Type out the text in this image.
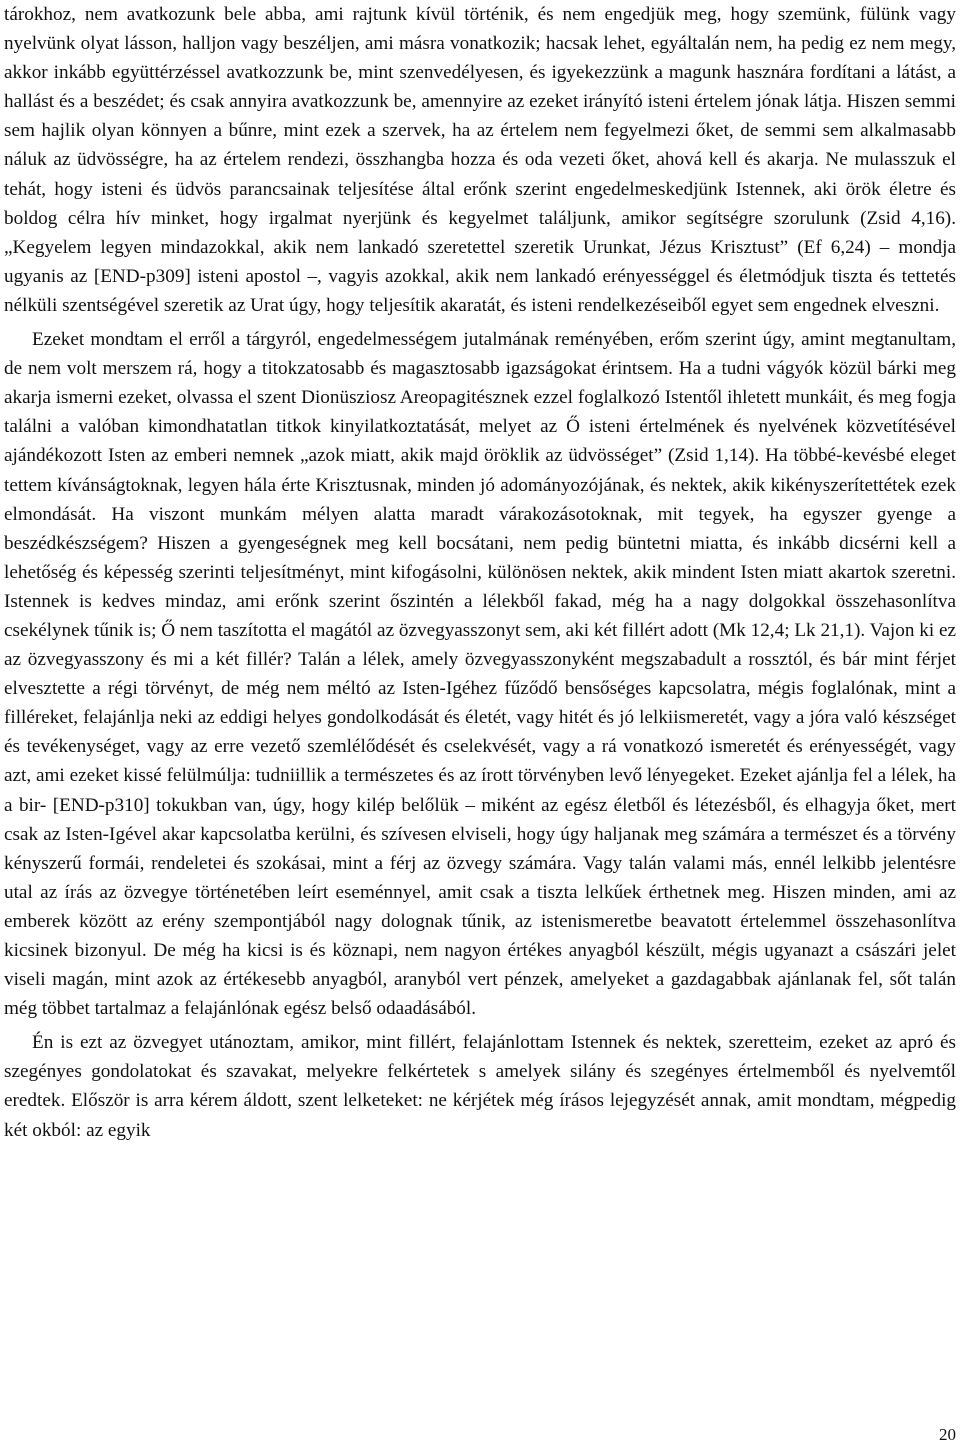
tárokhoz, nem avatkozunk bele abba, ami rajtunk kívül történik, és nem engedjük meg, hogy szemünk, fülünk vagy nyelvünk olyat lásson, halljon vagy beszéljen, ami másra vonatkozik; hacsak lehet, egyáltalán nem, ha pedig ez nem megy, akkor inkább együttérzéssel avatkozzunk be, mint szenvedélyesen, és igyekezzünk a magunk hasznára fordítani a látást, a hallást és a beszédet; és csak annyira avatkozzunk be, amennyire az ezeket irányító isteni értelem jónak látja. Hiszen semmi sem hajlik olyan könnyen a bűnre, mint ezek a szervek, ha az értelem nem fegyelmezi őket, de semmi sem alkalmasabb náluk az üdvösségre, ha az értelem rendezi, összhangba hozza és oda vezeti őket, ahová kell és akarja. Ne mulasszuk el tehát, hogy isteni és üdvös parancsainak teljesítése által erőnk szerint engedelmeskedjünk Istennek, aki örök életre és boldog célra hív minket, hogy irgalmat nyerjünk és kegyelmet találjunk, amikor segítségre szorulunk (Zsid 4,16). „Kegyelem legyen mindazokkal, akik nem lankadó szeretettel szeretik Urunkat, Jézus Krisztust” (Ef 6,24) – mondja ugyanis az [END-p309] isteni apostol –, vagyis azokkal, akik nem lankadó erényességgel és életmódjuk tiszta és tettetés nélküli szentségével szeretik az Urat úgy, hogy teljesítik akaratát, és isteni rendelkezéseiből egyet sem engednek elveszni.

Ezeket mondtam el erről a tárgyról, engedelmességem jutalmának reményében, erőm szerint úgy, amint megtanultam, de nem volt merszem rá, hogy a titokzatosabb és magasztosabb igazságokat érintsem. Ha a tudni vágyók közül bárki meg akarja ismerni ezeket, olvassa el szent Dionüsziosz Areopagitésznek ezzel foglalkozó Istentől ihletett munkáit, és meg fogja találni a valóban kimondhatatlan titkok kinyilatkoztatását, melyet az Ő isteni értelmének és nyelvének közvetítésével ajándékozott Isten az emberi nemnek „azok miatt, akik majd öröklik az üdvösséget” (Zsid 1,14). Ha többé-kevésbé eleget tettem kívánságtoknak, legyen hála érte Krisztusnak, minden jó adományozójának, és nektek, akik kikényszerítettétek ezek elmondását. Ha viszont munkám mélyen alatta maradt várakozásotoknak, mit tegyek, ha egyszer gyenge a beszédkészségem? Hiszen a gyengeségnek meg kell bocsátani, nem pedig büntetni miatta, és inkább dicsérni kell a lehetőség és képesség szerinti teljesítményt, mint kifogásolni, különösen nektek, akik mindent Isten miatt akartok szeretni. Istennek is kedves mindaz, ami erőnk szerint őszintén a lélekből fakad, még ha a nagy dolgokkal összehasonlítva csekélynek tűnik is; Ő nem taszította el magától az özvegyasszonyt sem, aki két fillért adott (Mk 12,4; Lk 21,1). Vajon ki ez az özvegyasszony és mi a két fillér? Talán a lélek, amely özvegyasszonyként megszabadult a rossztól, és bár mint férjet elvesztette a régi törvényt, de még nem méltó az Isten-Igéhez fűződő bensőséges kapcsolatra, mégis foglalónak, mint a filléreket, felajánlja neki az eddigi helyes gondolkodását és életét, vagy hitét és jó lelkiismeretét, vagy a jóra való készséget és tevékenységet, vagy az erre vezető szemlélődését és cselekvését, vagy a rá vonatkozó ismeretét és erényességét, vagy azt, ami ezeket kissé felülmúlja: tudniillik a természetes és az írott törvényben levő lényegeket. Ezeket ajánlja fel a lélek, ha a bir- [END-p310] tokukban van, úgy, hogy kilép belőlük – miként az egész életből és létezésből, és elhagyja őket, mert csak az Isten-Igével akar kapcsolatba kerülni, és szívesen elviseli, hogy úgy haljanak meg számára a természet és a törvény kényszerű formái, rendeletei és szokásai, mint a férj az özvegy számára. Vagy talán valami más, ennél lelkibb jelentésre utal az írás az özvegye történetében leírt eseménnyel, amit csak a tiszta lelkűek érthetnek meg. Hiszen minden, ami az emberek között az erény szempontjából nagy dolognak tűnik, az istenismeretbe beavatott értelemmel összehasonlítva kicsinek bizonyul. De még ha kicsi is és köznapi, nem nagyon értékes anyagból készült, mégis ugyanazt a császári jelet viseli magán, mint azok az értékesebb anyagból, aranyból vert pénzek, amelyeket a gazdagabbak ajánlanak fel, sőt talán még többet tartalmaz a felajánlónak egész belső odaadásából.

Én is ezt az özvegyet utánoztam, amikor, mint fillért, felajánlottam Istennek és nektek, szeretteim, ezeket az apró és szegényes gondolatokat és szavakat, melyekre felkértetek s amelyek silány és szegényes értelmemből és nyelvemtől eredtek. Először is arra kérem áldott, szent lelketeket: ne kérjétek még írásos lejegyzését annak, amit mondtam, mégpedig két okból: az egyik

20
